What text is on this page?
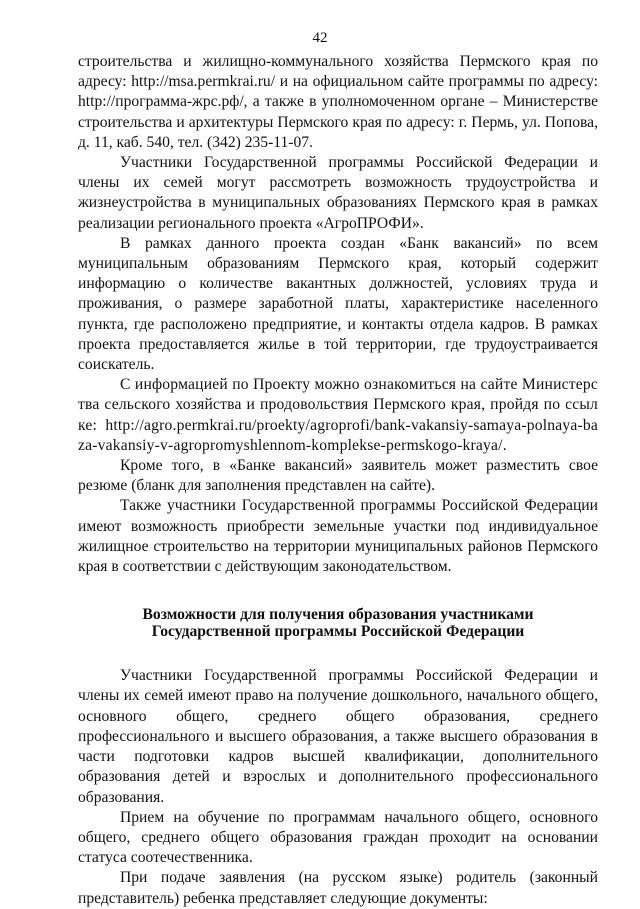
42

строительства и жилищно-коммунального хозяйства Пермского края по адресу: http://msa.permkrai.ru/ и на официальном сайте программы по адресу: http://программа-жрс.рф/, а также в уполномоченном органе – Министерстве строительства и архитектуры Пермского края по адресу: г. Пермь, ул. Попова, д. 11, каб. 540, тел. (342) 235-11-07.

Участники Государственной программы Российской Федерации и члены их семей могут рассмотреть возможность трудоустройства и жизнеустройства в муниципальных образованиях Пермского края в рамках реализации регионального проекта «АгроПРОФИ».

В рамках данного проекта создан «Банк вакансий» по всем муниципальным образованиям Пермского края, который содержит информацию о количестве вакантных должностей, условиях труда и проживания, о размере заработной платы, характеристике населенного пункта, где расположено предприятие, и контакты отдела кадров. В рамках проекта предоставляется жилье в той территории, где трудоустраивается соискатель.

С информацией по Проекту можно ознакомиться на сайте Министерства сельского хозяйства и продовольствия Пермского края, пройдя по ссылке: http://agro.permkrai.ru/proekty/agroprofi/bank-vakansiy-samaya-polnaya-baza-vakansiy-v-agropromyshlennom-komplekse-permskogo-kraya/.

Кроме того, в «Банке вакансий» заявитель может разместить свое резюме (бланк для заполнения представлен на сайте).

Также участники Государственной программы Российской Федерации имеют возможность приобрести земельные участки под индивидуальное жилищное строительство на территории муниципальных районов Пермского края в соответствии с действующим законодательством.

Возможности для получения образования участниками
Государственной программы Российской Федерации

Участники Государственной программы Российской Федерации и члены их семей имеют право на получение дошкольного, начального общего, основного общего, среднего общего образования, среднего профессионального и высшего образования, а также высшего образования в части подготовки кадров высшей квалификации, дополнительного образования детей и взрослых и дополнительного профессионального образования.

Прием на обучение по программам начального общего, основного общего, среднего общего образования граждан проходит на основании статуса соотечественника.

При подаче заявления (на русском языке) родитель (законный представитель) ребенка представляет следующие документы:
